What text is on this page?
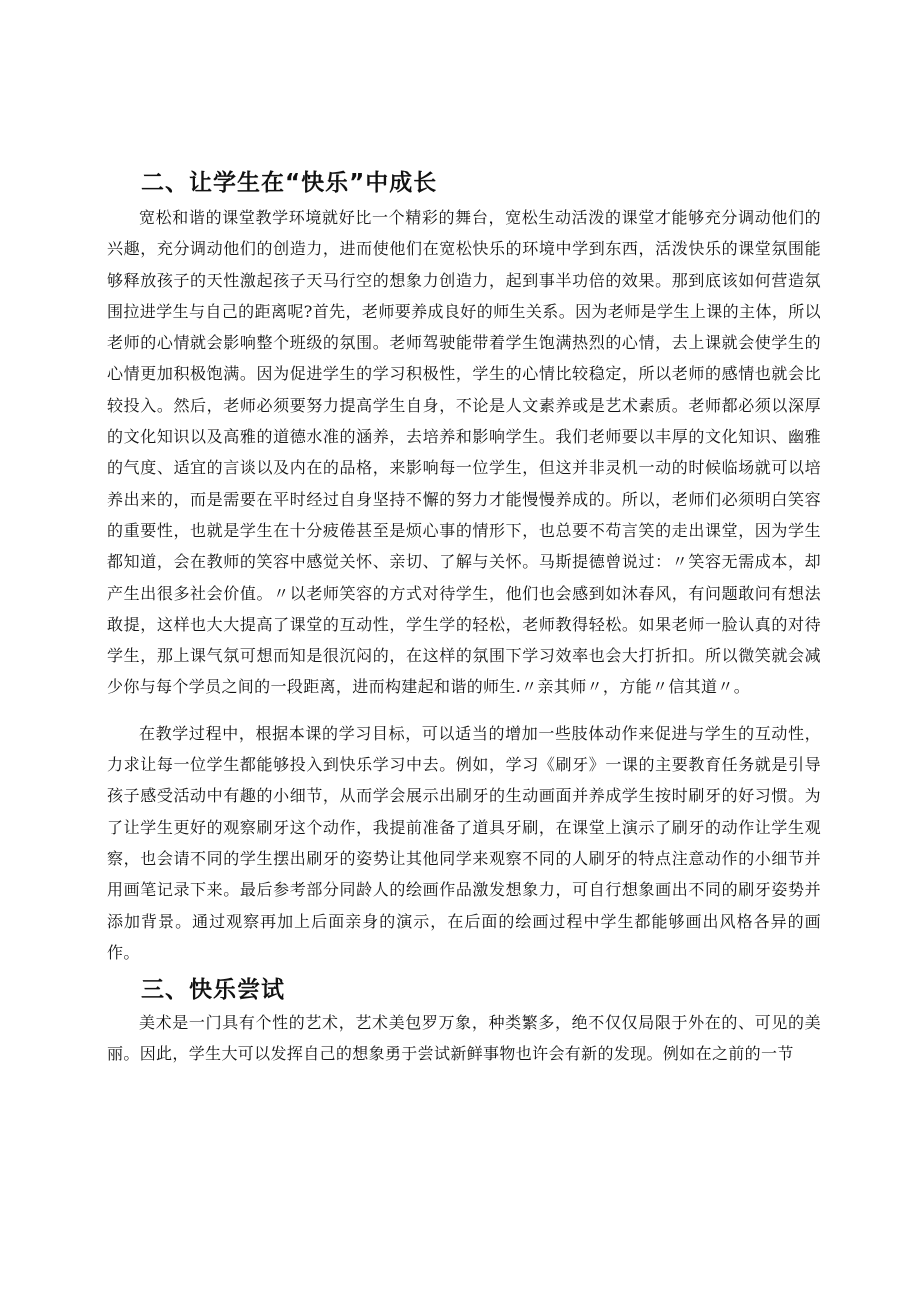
二、让学生在“快乐”中成长

宽松和谐的课堂教学环境就好比一个精彩的舞台，宽松生动活泼的课堂才能够充分调动他们的兴趣，充分调动他们的创造力，进而使他们在宽松快乐的环境中学到东西，活泼快乐的课堂氛围能够释放孩子的天性激起孩子天马行空的想象力创造力，起到事半功倍的效果。那到底该如何营造氛围拉进学生与自己的距离呢?首先，老师要养成良好的师生关系。因为老师是学生上课的主体，所以老师的心情就会影响整个班级的氛围。老师驾驶能带着学生饱满热烈的心情，去上课就会使学生的心情更加积极饱满。因为促进学生的学习积极性，学生的心情比较稳定，所以老师的感情也就会比较投入。然后，老师必须要努力提高学生自身，不论是人文素养或是艺术素质。老师都必须以深厚的文化知识以及高雅的道德水准的涵养，去培养和影响学生。我们老师要以丰厚的文化知识、幽雅的气度、适宜的言谈以及内在的品格，来影响每一位学生，但这并非灵机一动的时候临场就可以培养出来的，而是需要在平时经过自身坚持不懈的努力才能慢慢养成的。所以，老师们必须明白笑容的重要性，也就是学生在十分疲倦甚至是烦心事的情形下，也总要不苟言笑的走出课堂，因为学生都知道，会在教师的笑容中感觉关怀、亲切、了解与关怀。马斯提德曾说过：〃笑容无需成本，却产生出很多社会价值。〃以老师笑容的方式对待学生，他们也会感到如沐春风，有问题敢问有想法敢提，这样也大大提高了课堂的互动性，学生学的轻松，老师教得轻松。如果老师一脸认真的对待学生，那上课气氛可想而知是很沉闷的，在这样的氛围下学习效率也会大打折扣。所以微笑就会减少你与每个学员之间的一段距离，进而构建起和谐的师生.〃亲其师〃，方能〃信其道〃。

在教学过程中，根据本课的学习目标，可以适当的增加一些肢体动作来促进与学生的互动性，力求让每一位学生都能够投入到快乐学习中去。例如，学习《刷牙》一课的主要教育任务就是引导孩子感受活动中有趣的小细节，从而学会展示出刷牙的生动画面并养成学生按时刷牙的好习惯。为了让学生更好的观察刷牙这个动作，我提前准备了道具牙刷，在课堂上演示了刷牙的动作让学生观察，也会请不同的学生摆出刷牙的姿势让其他同学来观察不同的人刷牙的特点注意动作的小细节并用画笔记录下来。最后参考部分同龄人的绘画作品激发想象力，可自行想象画出不同的刷牙姿势并添加背景。通过观察再加上后面亲身的演示，在后面的绘画过程中学生都能够画出风格各异的画作。

三、快乐尝试

美术是一门具有个性的艺术，艺术美包罗万象，种类繁多，绝不仅仅局限于外在的、可见的美丽。因此，学生大可以发挥自己的想象勇于尝试新鲜事物也许会有新的发现。例如在之前的一节
